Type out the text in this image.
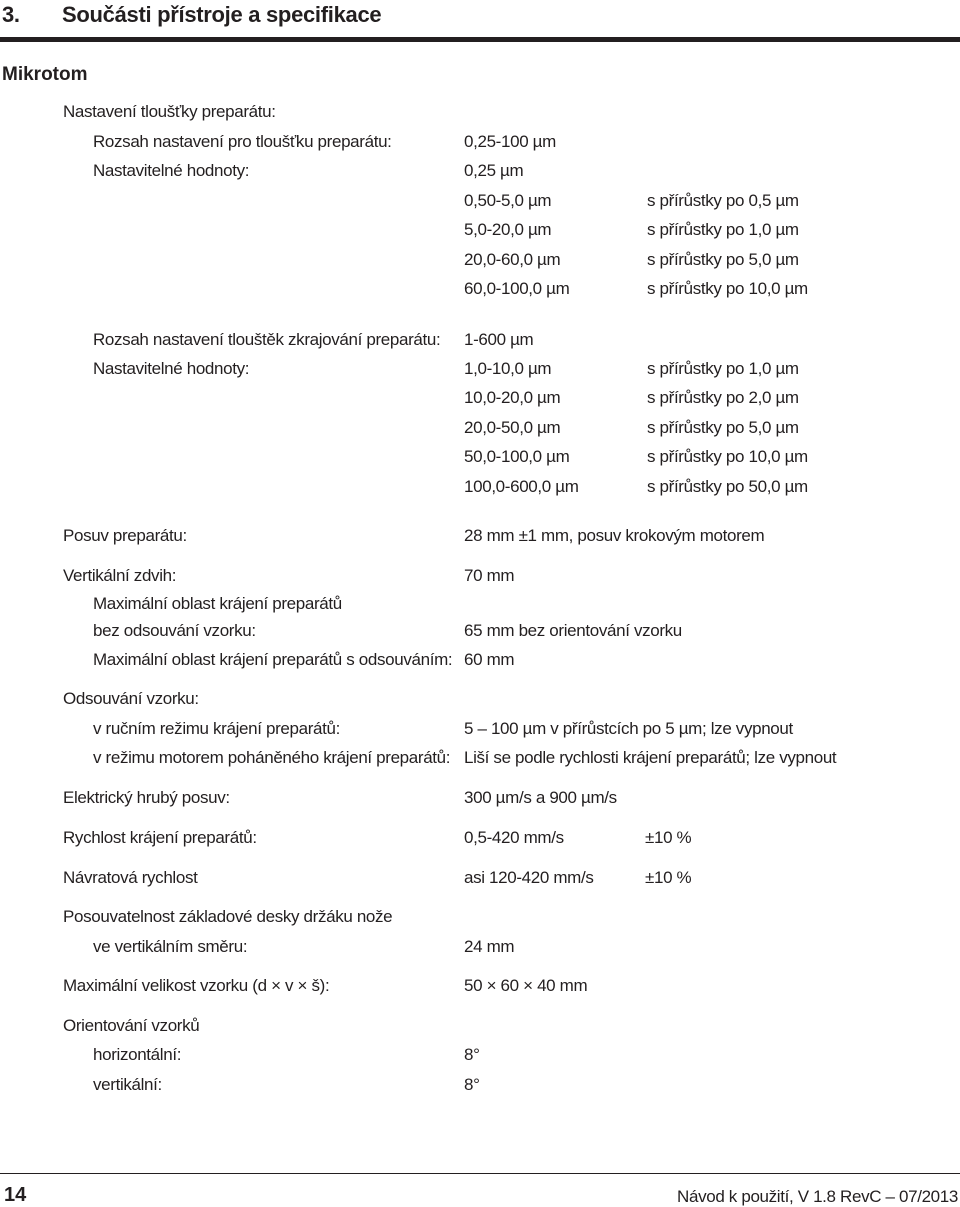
3. Součásti přístroje a specifikace
Mikrotom
Nastavení tloušťky preparátu:
Rozsah nastavení pro tloušťku preparátu:	0,25-100 µm
Nastavitelné hodnoty:	0,25 µm
0,50-5,0 µm	s přírůstky po 0,5 µm
5,0-20,0 µm	s přírůstky po 1,0 µm
20,0-60,0 µm	s přírůstky po 5,0 µm
60,0-100,0 µm	s přírůstky po 10,0 µm
Rozsah nastavení tlouštěk zkrajování preparátu: 1-600 µm
Nastavitelné hodnoty:	1,0-10,0 µm	s přírůstky po 1,0 µm
10,0-20,0 µm	s přírůstky po 2,0 µm
20,0-50,0 µm	s přírůstky po 5,0 µm
50,0-100,0 µm	s přírůstky po 10,0 µm
100,0-600,0 µm	s přírůstky po 50,0 µm
Posuv preparátu:	28 mm ±1 mm, posuv krokovým motorem
Vertikální zdvih:	70 mm
Maximální oblast krájení preparátů
bez odsouvání vzorku:	65 mm bez orientování vzorku
Maximální oblast krájení preparátů s odsouváním: 60 mm
Odsouvání vzorku:
v ručním režimu krájení preparátů:	5 – 100 µm v přírůstcích po 5 µm; lze vypnout
v režimu motorem poháněného krájení preparátů: Liší se podle rychlosti krájení preparátů; lze vypnout
Elektrický hrubý posuv:	300 µm/s a 900 µm/s
Rychlost krájení preparátů:	0,5-420 mm/s	±10 %
Návratová rychlost	asi 120-420 mm/s	±10 %
Posouvatelnost základové desky držáku nože
ve vertikálním směru:	24 mm
Maximální velikost vzorku (d × v × š):	50 × 60 × 40 mm
Orientování vzorků
horizontální:	8°
vertikální:	8°
14	Návod k použití, V 1.8 RevC – 07/2013
